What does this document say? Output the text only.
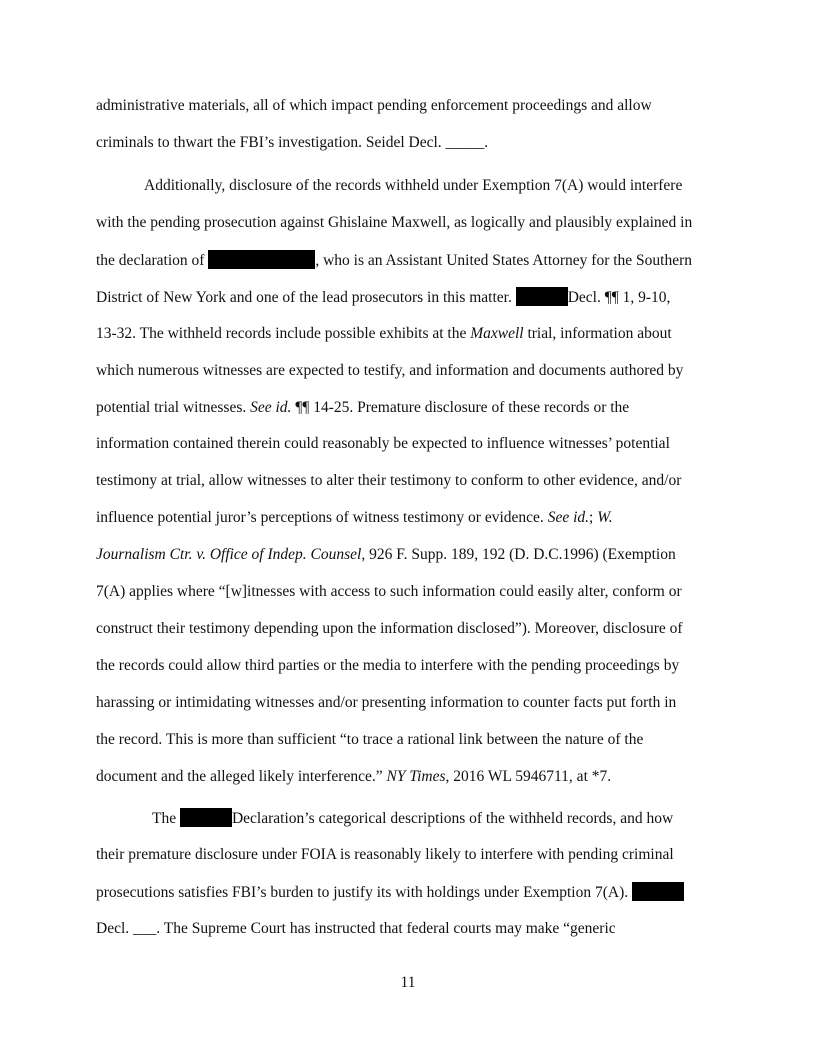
administrative materials, all of which impact pending enforcement proceedings and allow
criminals to thwart the FBI’s investigation. Seidel Decl. _____.
Additionally, disclosure of the records withheld under Exemption 7(A) would interfere
with the pending prosecution against Ghislaine Maxwell, as logically and plausibly explained in
the declaration of	, who is an Assistant United States Attorney for the Southern
District of New York and one of the lead prosecutors in this matter.	Decl. ¶¶ 1, 9-10,
13-32. The withheld records include possible exhibits at the Maxwell trial, information about
which numerous witnesses are expected to testify, and information and documents authored by
potential trial witnesses. See id. ¶¶ 14-25. Premature disclosure of these records or the
information contained therein could reasonably be expected to influence witnesses’ potential
testimony at trial, allow witnesses to alter their testimony to conform to other evidence, and/or
influence potential juror’s perceptions of witness testimony or evidence. See id.; W.
Journalism Ctr. v. Office of Indep. Counsel, 926 F. Supp. 189, 192 (D. D.C.1996) (Exemption
7(A) applies where “[w]itnesses with access to such information could easily alter, conform or
construct their testimony depending upon the information disclosed”). Moreover, disclosure of
the records could allow third parties or the media to interfere with the pending proceedings by
harassing or intimidating witnesses and/or presenting information to counter facts put forth in
the record. This is more than sufficient “to trace a rational link between the nature of the
document and the alleged likely interference.” NY Times, 2016 WL 5946711, at *7.
The	Declaration’s categorical descriptions of the withheld records, and how
their premature disclosure under FOIA is reasonably likely to interfere with pending criminal
prosecutions satisfies FBI’s burden to justify its with holdings under Exemption 7(A).
Decl. ___. The Supreme Court has instructed that federal courts may make “generic
11
